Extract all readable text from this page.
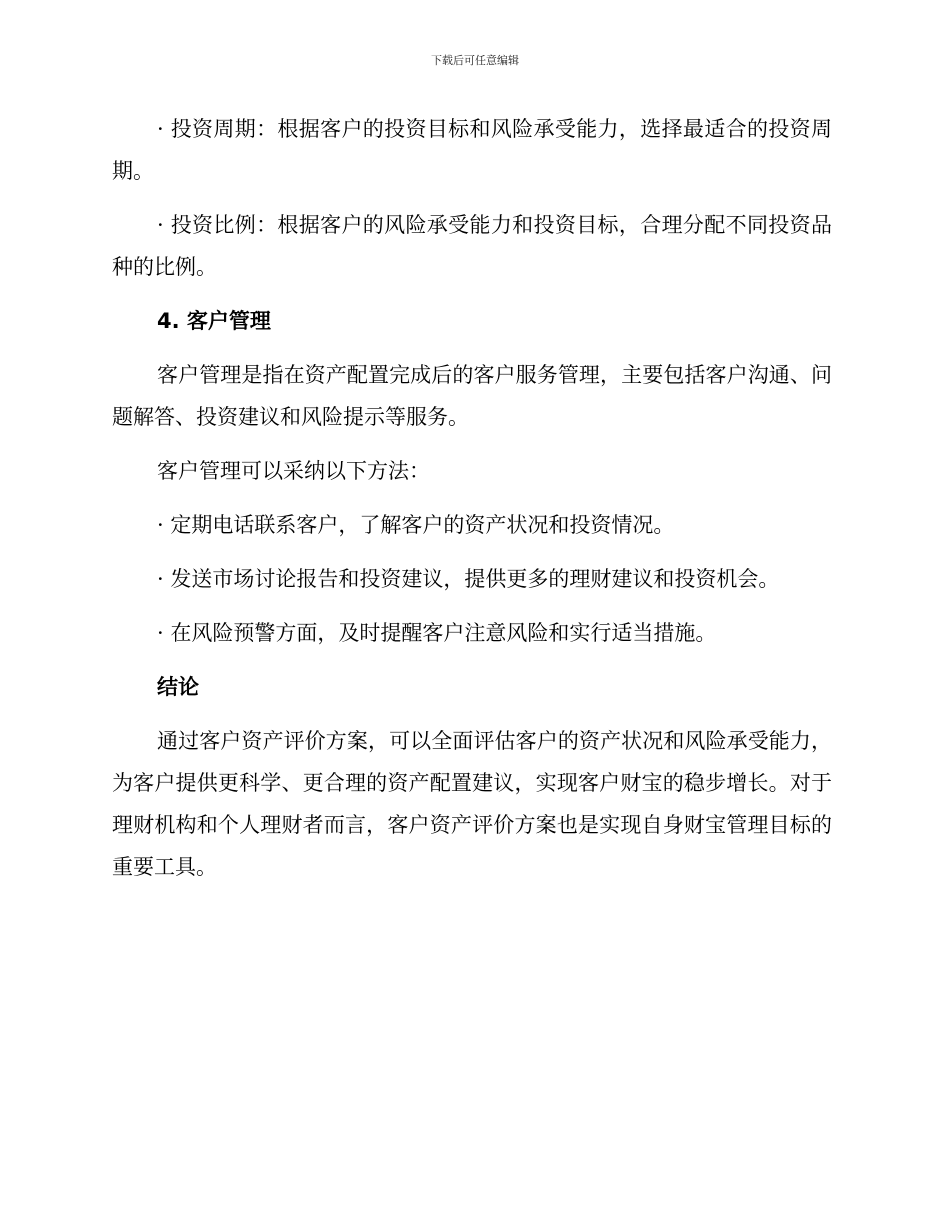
下载后可任意编辑

· 投资周期：根据客户的投资目标和风险承受能力，选择最适合的投资周期。

· 投资比例：根据客户的风险承受能力和投资目标，合理分配不同投资品种的比例。

4. 客户管理

客户管理是指在资产配置完成后的客户服务管理，主要包括客户沟通、问题解答、投资建议和风险提示等服务。

客户管理可以采纳以下方法：

· 定期电话联系客户，了解客户的资产状况和投资情况。

· 发送市场讨论报告和投资建议，提供更多的理财建议和投资机会。

· 在风险预警方面，及时提醒客户注意风险和实行适当措施。

结论

通过客户资产评价方案，可以全面评估客户的资产状况和风险承受能力，为客户提供更科学、更合理的资产配置建议，实现客户财宝的稳步增长。对于理财机构和个人理财者而言，客户资产评价方案也是实现自身财宝管理目标的重要工具。
